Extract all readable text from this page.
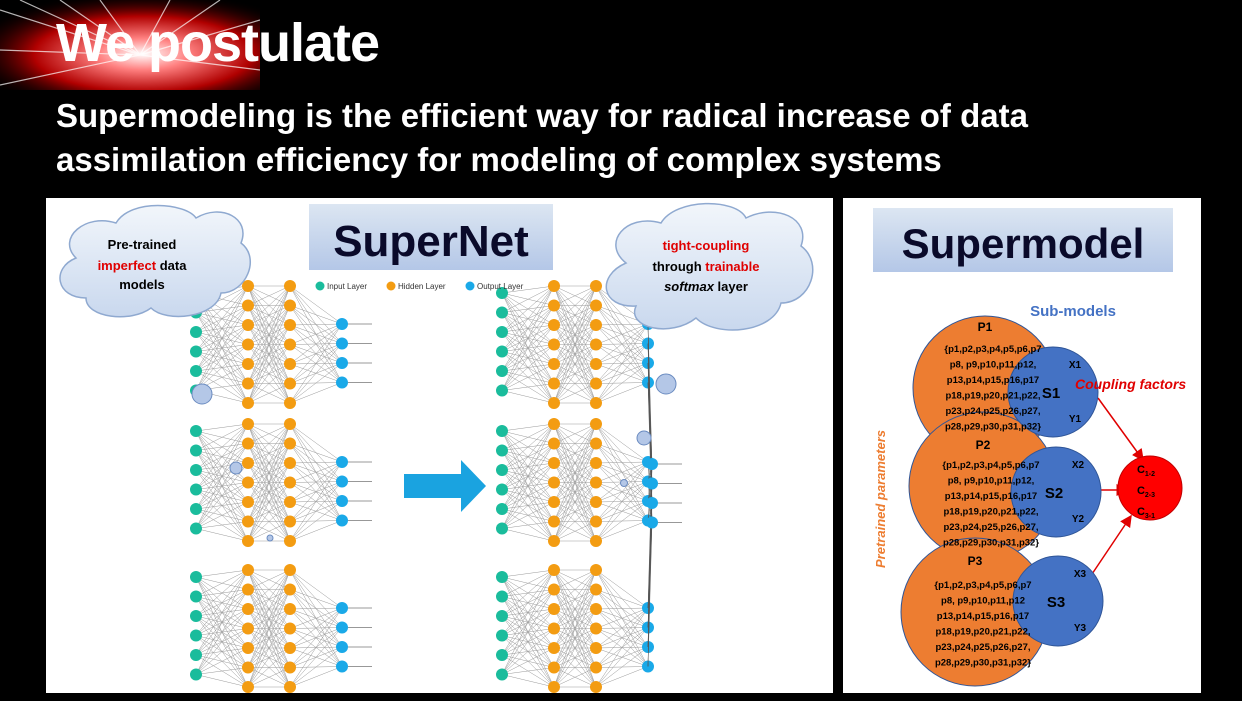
We postulate
Supermodeling is the efficient way for radical increase of data
assimilation efficiency for modeling of complex systems
SuperNet
Pre-trained
imperfect data
models
tight-coupling
through trainable
softmax layer
Input Layer	Hidden Layer	Output Layer
Supermodel
Sub-models
Pretrained parameters
P1
{p1,p2,p3,p4,p5,p6,p7
p8, p9,p10,p11,p12,
p13,p14,p15,p16,p17
p18,p19,p20,p21,p22,
p23,p24,p25,p26,p27,
p28,p29,p30,p31,p32}
P2
{p1,p2,p3,p4,p5,p6,p7
p8, p9,p10,p11,p12,
p13,p14,p15,p16,p17
p18,p19,p20,p21,p22,
p23,p24,p25,p26,p27,
p28,p29,p30,p31,p32}
P3
{p1,p2,p3,p4,p5,p6,p7
p8, p9,p10,p11,p12
p13,p14,p15,p16,p17
p18,p19,p20,p21,p22,
p23,p24,p25,p26,p27,
p28,p29,p30,p31,p32}
S1
X1
Y1
S2
X2
Y2
S3
X3
Y3
Coupling factors
$C_{1-2}$
$C_{2-3}$
$C_{3-1}$
